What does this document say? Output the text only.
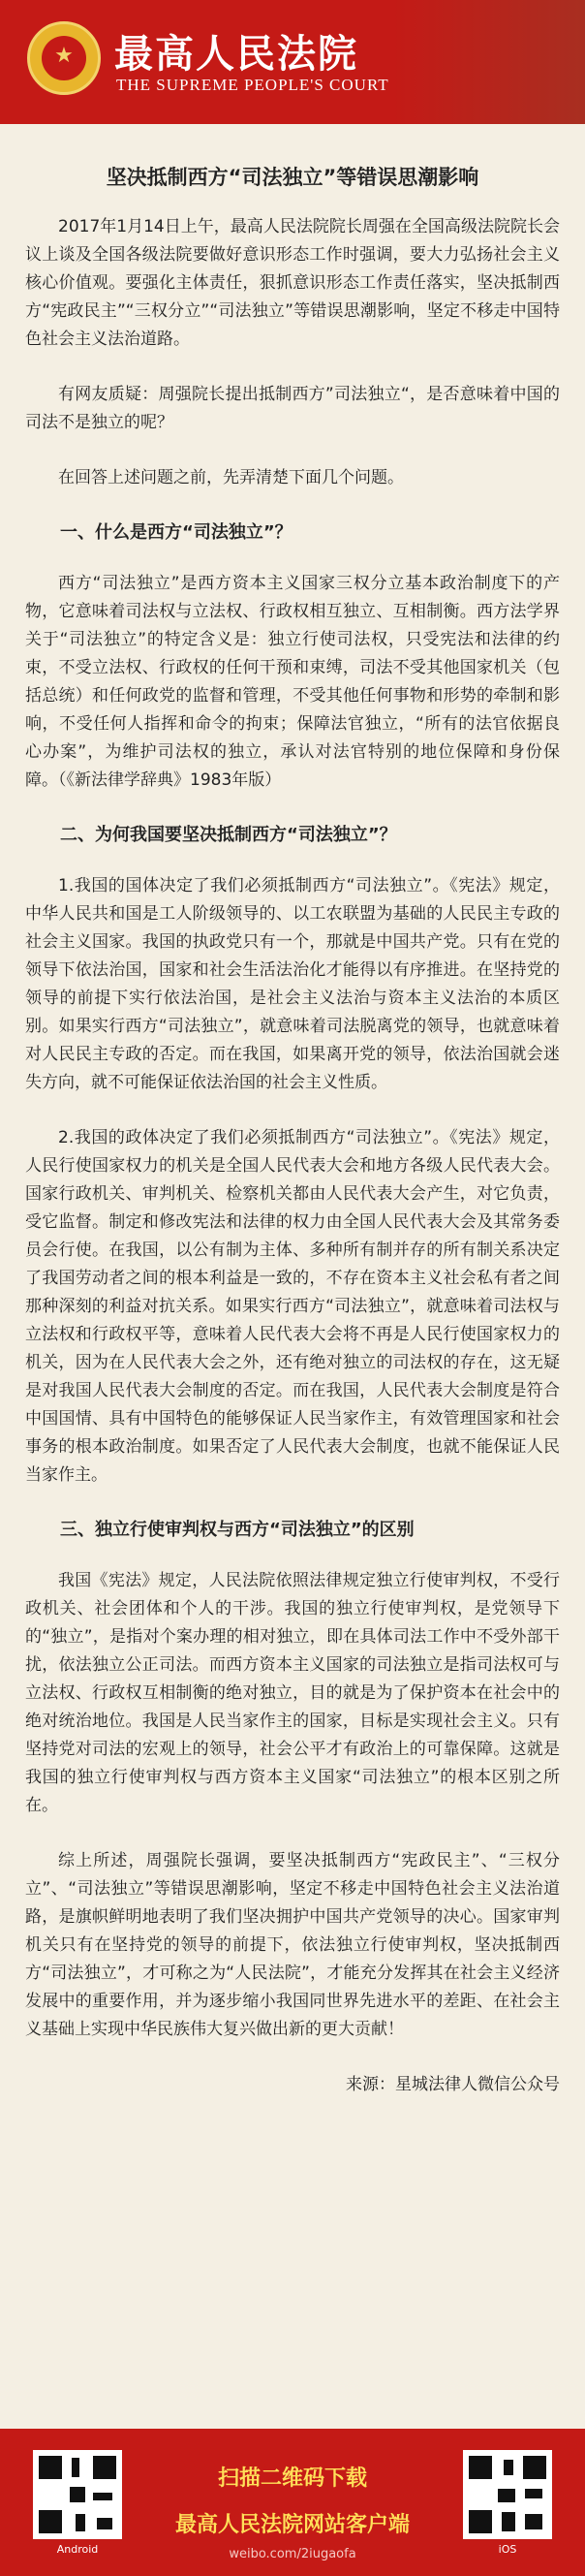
★	最高人民法院
THE SUPREME PEOPLE'S COURT
坚决抵制西方“司法独立”等错误思潮影响

2017年1月14日上午，最高人民法院院长周强在全国高级法院院长会议上谈及全国各级法院要做好意识形态工作时强调，要大力弘扬社会主义核心价值观。要强化主体责任，狠抓意识形态工作责任落实，坚决抵制西方“宪政民主”“三权分立”“司法独立”等错误思潮影响，坚定不移走中国特色社会主义法治道路。

有网友质疑：周强院长提出抵制西方”司法独立“，是否意味着中国的司法不是独立的呢？

在回答上述问题之前，先弄清楚下面几个问题。

一、什么是西方“司法独立”？

西方“司法独立”是西方资本主义国家三权分立基本政治制度下的产物，它意味着司法权与立法权、行政权相互独立、互相制衡。西方法学界关于“司法独立”的特定含义是：独立行使司法权，只受宪法和法律的约束，不受立法权、行政权的任何干预和束缚，司法不受其他国家机关（包括总统）和任何政党的监督和管理，不受其他任何事物和形势的牵制和影响，不受任何人指挥和命令的拘束；保障法官独立，“所有的法官依据良心办案”，为维护司法权的独立，承认对法官特别的地位保障和身份保障。（《新法律学辞典》1983年版）

二、为何我国要坚决抵制西方“司法独立”？

1.我国的国体决定了我们必须抵制西方“司法独立”。《宪法》规定，中华人民共和国是工人阶级领导的、以工农联盟为基础的人民民主专政的社会主义国家。我国的执政党只有一个，那就是中国共产党。只有在党的领导下依法治国，国家和社会生活法治化才能得以有序推进。在坚持党的领导的前提下实行依法治国，是社会主义法治与资本主义法治的本质区别。如果实行西方“司法独立”，就意味着司法脱离党的领导，也就意味着对人民民主专政的否定。而在我国，如果离开党的领导，依法治国就会迷失方向，就不可能保证依法治国的社会主义性质。

2.我国的政体决定了我们必须抵制西方“司法独立”。《宪法》规定，人民行使国家权力的机关是全国人民代表大会和地方各级人民代表大会。国家行政机关、审判机关、检察机关都由人民代表大会产生，对它负责，受它监督。制定和修改宪法和法律的权力由全国人民代表大会及其常务委员会行使。在我国，以公有制为主体、多种所有制并存的所有制关系决定了我国劳动者之间的根本利益是一致的，不存在资本主义社会私有者之间那种深刻的利益对抗关系。如果实行西方“司法独立”，就意味着司法权与立法权和行政权平等，意味着人民代表大会将不再是人民行使国家权力的机关，因为在人民代表大会之外，还有绝对独立的司法权的存在，这无疑是对我国人民代表大会制度的否定。而在我国，人民代表大会制度是符合中国国情、具有中国特色的能够保证人民当家作主，有效管理国家和社会事务的根本政治制度。如果否定了人民代表大会制度，也就不能保证人民当家作主。

三、独立行使审判权与西方“司法独立”的区别

我国《宪法》规定，人民法院依照法律规定独立行使审判权，不受行政机关、社会团体和个人的干涉。我国的独立行使审判权，是党领导下的“独立”，是指对个案办理的相对独立，即在具体司法工作中不受外部干扰，依法独立公正司法。而西方资本主义国家的司法独立是指司法权可与立法权、行政权互相制衡的绝对独立，目的就是为了保护资本在社会中的绝对统治地位。我国是人民当家作主的国家，目标是实现社会主义。只有坚持党对司法的宏观上的领导，社会公平才有政治上的可靠保障。这就是我国的独立行使审判权与西方资本主义国家“司法独立”的根本区别之所在。

综上所述，周强院长强调，要坚决抵制西方“宪政民主”、“三权分立”、“司法独立”等错误思潮影响，坚定不移走中国特色社会主义法治道路，是旗帜鲜明地表明了我们坚决拥护中国共产党领导的决心。国家审判机关只有在坚持党的领导的前提下，依法独立行使审判权，坚决抵制西方“司法独立”，才可称之为“人民法院”，才能充分发挥其在社会主义经济发展中的重要作用，并为逐步缩小我国同世界先进水平的差距、在社会主义基础上实现中华民族伟大复兴做出新的更大贡献！

来源：星城法律人微信公众号
Android
扫描二维码下载
最高人民法院网站客户端
weibo.com/2iugaofa	iOS
